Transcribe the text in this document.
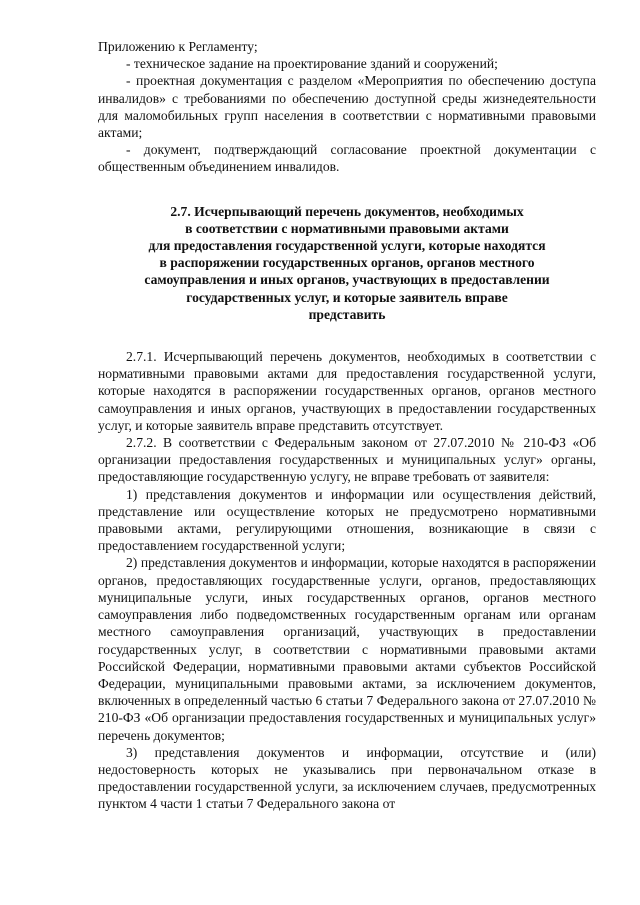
Приложению к Регламенту;

- техническое задание на проектирование зданий и сооружений;

- проектная документация с разделом «Мероприятия по обеспечению доступа инвалидов» с требованиями по обеспечению доступной среды жизнедеятельности для маломобильных групп населения в соответствии с нормативными правовыми актами;

- документ, подтверждающий согласование проектной документации с общественным объединением инвалидов.

2.7. Исчерпывающий перечень документов, необходимых
в соответствии с нормативными правовыми актами
для предоставления государственной услуги, которые находятся
в распоряжении государственных органов, органов местного
самоуправления и иных органов, участвующих в предоставлении
государственных услуг, и которые заявитель вправе
представить

2.7.1. Исчерпывающий перечень документов, необходимых в соответствии с нормативными правовыми актами для предоставления государственной услуги, которые находятся в распоряжении государственных органов, органов местного самоуправления и иных органов, участвующих в предоставлении государственных услуг, и которые заявитель вправе представить отсутствует.

2.7.2. В соответствии с Федеральным законом от 27.07.2010 № 210-ФЗ «Об организации предоставления государственных и муниципальных услуг» органы, предоставляющие государственную услугу, не вправе требовать от заявителя:

1) представления документов и информации или осуществления действий, представление или осуществление которых не предусмотрено нормативными правовыми актами, регулирующими отношения, возникающие в связи с предоставлением государственной услуги;

2) представления документов и информации, которые находятся в распоряжении органов, предоставляющих государственные услуги, органов, предоставляющих муниципальные услуги, иных государственных органов, органов местного самоуправления либо подведомственных государственным органам или органам местного самоуправления организаций, участвующих в предоставлении государственных услуг, в соответствии с нормативными правовыми актами Российской Федерации, нормативными правовыми актами субъектов Российской Федерации, муниципальными правовыми актами, за исключением документов, включенных в определенный частью 6 статьи 7 Федерального закона от 27.07.2010 № 210-ФЗ «Об организации предоставления государственных и муниципальных услуг» перечень документов;

3) представления документов и информации, отсутствие и (или) недостоверность которых не указывались при первоначальном отказе в предоставлении государственной услуги, за исключением случаев, предусмотренных пунктом 4 части 1 статьи 7 Федерального закона от
